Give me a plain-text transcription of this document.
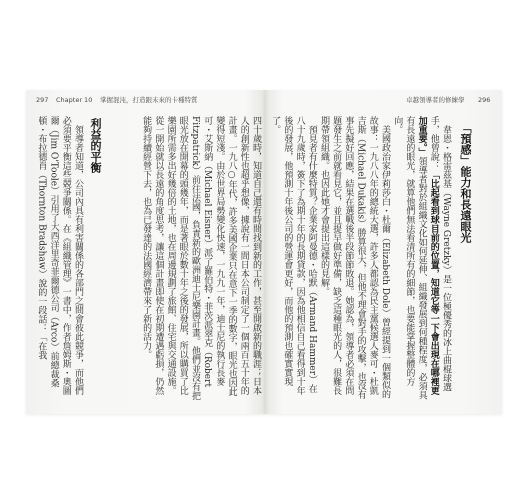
297 Chapter 10 掌握混沌，打造跟未來的卡種特質	卓越領導者的修練學 296

四十歲時，知道自己還有時間找到新的工作，甚至開啟新的職涯；日本人的創新性也超乎想像，據說有一間日本公司制定了一個兩百五十年的計畫。一九八○年代，許多美國企業只在意下一季的數字，眼光也因此變得短淺。由於世界局勢變化快速，一九九一年，迪士尼的執行長麥可・艾斯納（Michael Eisner）派了羅伯特・菲茨派翠克（Robert Fitzpatrick）前往法國，負責新的歐洲迪士尼樂園計畫。他們並沒有把眼光放在開幕的頭幾年，而是著眼於數十年之後的發展，所以購買了比樂園所需多出好幾倍的土地，也在周邊規劃了旅館、住宅與交通設施。從一開始就以長遠的角度思考，讓這個計畫即使在初期遭遇虧損，仍然能夠持續經營下去，也為已發達的法國經濟帶來了新的活力。

利益的平衡

領導者知道，公司內具有利害關係的各部門之間會彼此競爭，而他們必須要平衡這些競爭關係。在《組織管理》一書中，作者詹姆斯・奧圖爾（Jim O'Toole）引用了大西洋里奇菲爾德公司（Arco）前總裁桑頓・布拉德肖（Thornton Bradshaw）說的一段話：「在我	「預感」能力和長遠眼光

韋恩・格雷茲基（Wayne Gretzky）是一位極優秀的冰上曲棍球選手，他曾說：「比起看到球目前的位置，知道它等一下會出現在哪裡更加重要。」領導者對於組織文化如何延伸、組織發展到何種程度，必須具有長遠的眼光，就算他們無法看清所有的細節，也要能掌握整體的方向。

美國政治家伊莉莎白・杜爾（Elizabeth Dole）曾經提到一個類似的故事：一九八八年的總統大選，許多人都認為民主黨候選人麥可・杜凱吉斯（Michael Dukakis）勝算很大，但他不理會對手的攻擊，也沒有事先擬好回應，結果在選戰後半段節節敗退。她認為，領導者必須在問題發生之前就看見它，並且提早做好準備，缺乏這種眼光的人，很難長期帶領組織。也因此她才會提出這樣的見解。

預見者有什麼特質？企業家阿曼德・哈默（Armand Hammer）在八十九歲時，簽下了為期十年的長期貸款，因為他相信自己看得到十年後的發展，他預測十年後公司的營運會更好，而他的預測也確實實現了。
